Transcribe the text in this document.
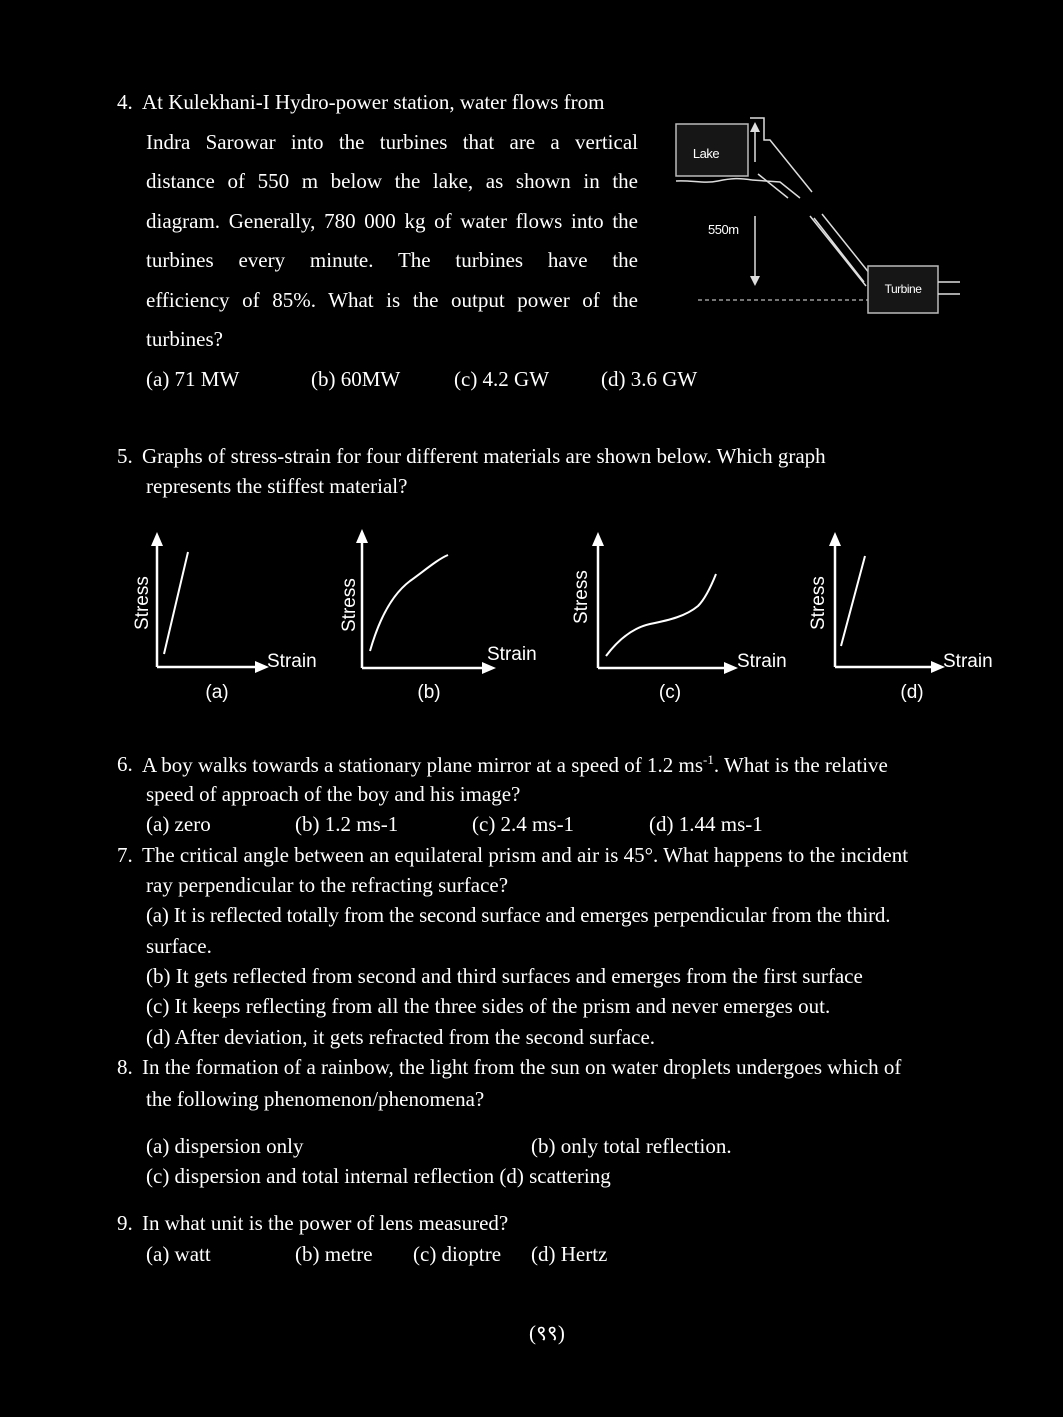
4. At Kulekhani-I Hydro-power station, water flows from
Indra Sarowar into the turbines that are a vertical
distance of 550 m below the lake, as shown in the
diagram. Generally, 780 000 kg of water flows into the
turbines every minute. The turbines have the
efficiency of 85%. What is the output power of the
turbines?
(a) 71 MW	(b) 60MW	(c) 4.2 GW (d) 3.6 GW
Lake
550m
Turbine
5. Graphs of stress-strain for four different materials are shown below. Which graph
represents the stiffest material?
Stress
Strain
(a)
Stress
Strain
(b)
Stress
Strain
(c)
Stress
Strain
(d)
6. A boy walks towards a stationary plane mirror at a speed of 1.2 $ms^{-1}$. What is the relative
speed of approach of the boy and his image?
(a) zero	(b) 1.2 ms-1	(c) 2.4 ms-1	(d) 1.44 ms-1
7. The critical angle between an equilateral prism and air is 45°. What happens to the incident
ray perpendicular to the refracting surface?
(a) It is reflected totally from the second surface and emerges perpendicular from the third.
surface.
(b) It gets reflected from second and third surfaces and emerges from the first surface
(c) It keeps reflecting from all the three sides of the prism and never emerges out.
(d) After deviation, it gets refracted from the second surface.
8. In the formation of a rainbow, the light from the sun on water droplets undergoes which of
the following phenomenon/phenomena?
(a) dispersion only	(b) only total reflection.
(c) dispersion and total internal reflection (d) scattering
9. In what unit is the power of lens measured?
(a) watt	(b) metre (c) dioptre (d) Hertz
(९९)
